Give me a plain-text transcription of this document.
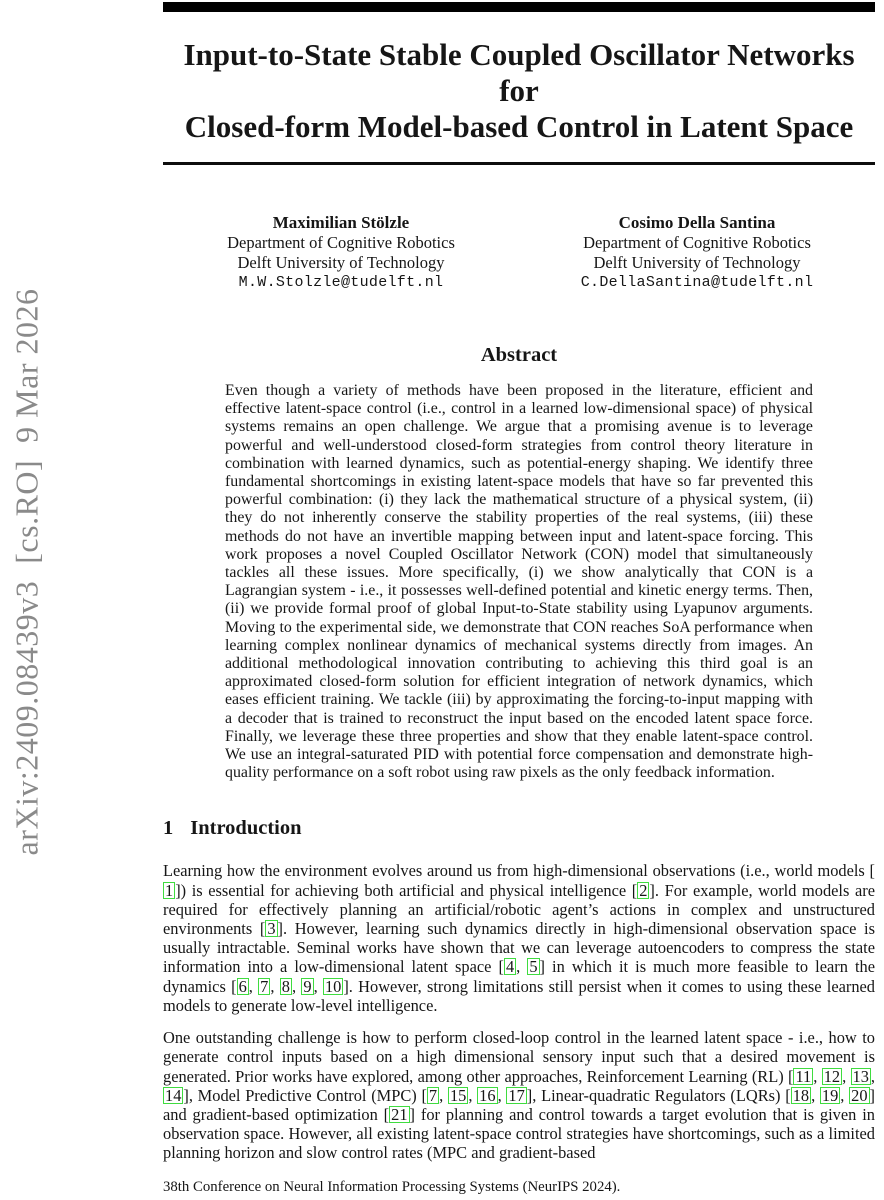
arXiv:2409.08439v3  [cs.RO]  9 Mar 2026
Input-to-State Stable Coupled Oscillator Networks for
Closed-form Model-based Control in Latent Space
Maximilian Stölzle
Department of Cognitive Robotics
Delft University of Technology
M.W.Stolzle@tudelft.nl
Cosimo Della Santina
Department of Cognitive Robotics
Delft University of Technology
C.DellaSantina@tudelft.nl
Abstract
Even though a variety of methods have been proposed in the literature, efficient and effective latent-space control (i.e., control in a learned low-dimensional space) of physical systems remains an open challenge. We argue that a promising avenue is to leverage powerful and well-understood closed-form strategies from control theory literature in combination with learned dynamics, such as potential-energy shaping. We identify three fundamental shortcomings in existing latent-space models that have so far prevented this powerful combination: (i) they lack the mathematical structure of a physical system, (ii) they do not inherently conserve the stability properties of the real systems, (iii) these methods do not have an invertible mapping between input and latent-space forcing. This work proposes a novel Coupled Oscillator Network (CON) model that simultaneously tackles all these issues. More specifically, (i) we show analytically that CON is a Lagrangian system - i.e., it possesses well-defined potential and kinetic energy terms. Then, (ii) we provide formal proof of global Input-to-State stability using Lyapunov arguments. Moving to the experimental side, we demonstrate that CON reaches SoA performance when learning complex nonlinear dynamics of mechanical systems directly from images. An additional methodological innovation contributing to achieving this third goal is an approximated closed-form solution for efficient integration of network dynamics, which eases efficient training. We tackle (iii) by approximating the forcing-to-input mapping with a decoder that is trained to reconstruct the input based on the encoded latent space force. Finally, we leverage these three properties and show that they enable latent-space control. We use an integral-saturated PID with potential force compensation and demonstrate high-quality performance on a soft robot using raw pixels as the only feedback information.
1 Introduction

Learning how the environment evolves around us from high-dimensional observations (i.e., world models [1 ]) is essential for achieving both artificial and physical intelligence [ 2 ]. For example, world models are required for effectively planning an artificial/robotic agent’s actions in complex and unstructured environments [ 3 ]. However, learning such dynamics directly in high-dimensional observation space is usually intractable. Seminal works have shown that we can leverage autoencoders to compress the state information into a low-dimensional latent space [ 4 , 5 ] in which it is much more feasible to learn the dynamics [ 6 , 7 , 8 , 9 , 10 ]. However, strong limitations still persist when it comes to using these learned models to generate low-level intelligence.

One outstanding challenge is how to perform closed-loop control in the learned latent space - i.e., how to generate control inputs based on a high dimensional sensory input such that a desired movement is generated. Prior works have explored, among other approaches, Reinforcement Learning (RL) [ 11 , 12 , 13 , 14 ], Model Predictive Control (MPC) [ 7 , 15 , 16 , 17 ], Linear-quadratic Regulators (LQRs) [ 18 , 19 , 20 ] and gradient-based optimization [ 21 ] for planning and control towards a target evolution that is given in observation space. However, all existing latent-space control strategies have shortcomings, such as a limited planning horizon and slow control rates (MPC and gradient-based

38th Conference on Neural Information Processing Systems (NeurIPS 2024).
